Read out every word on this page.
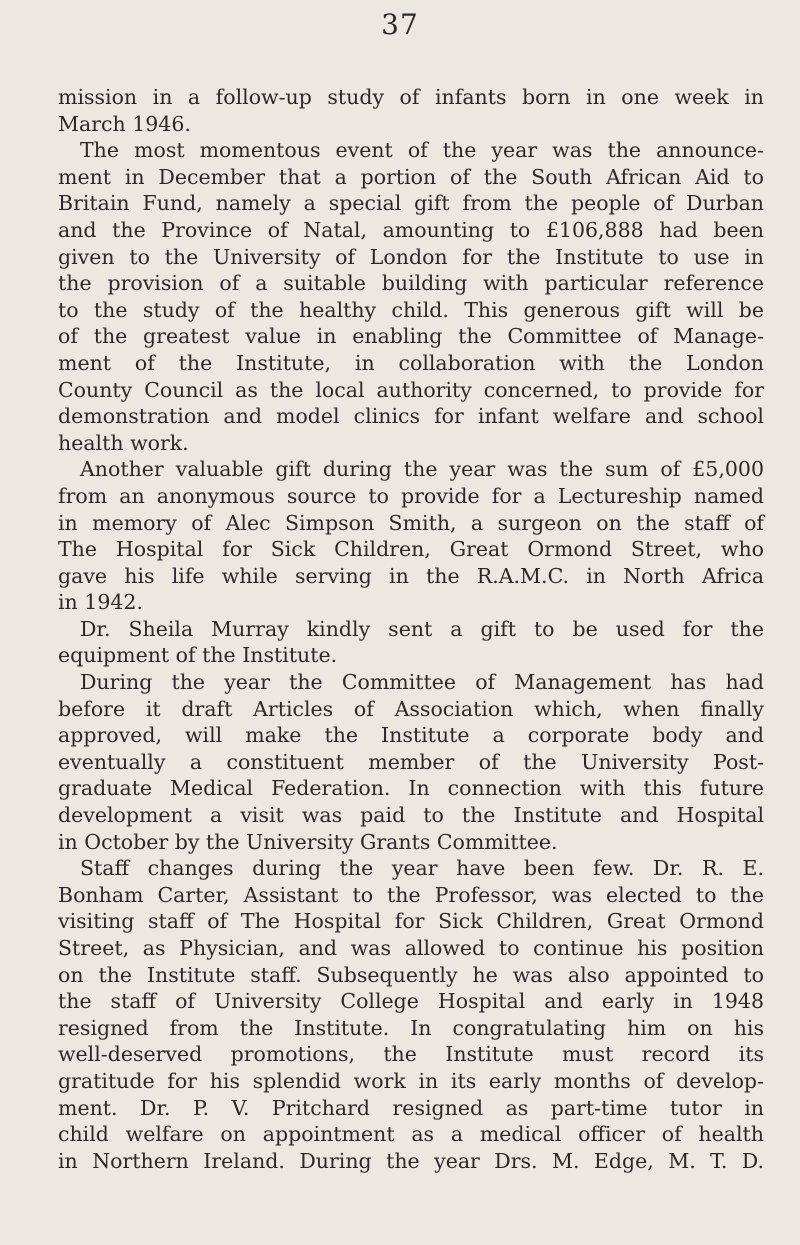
37
mission in a follow-up study of infants born in one week in
March 1946.
The most momentous event of the year was the announce-
ment in December that a portion of the South African Aid to
Britain Fund, namely a special gift from the people of Durban
and the Province of Natal, amounting to £106,888 had been
given to the University of London for the Institute to use in
the provision of a suitable building with particular reference
to the study of the healthy child. This generous gift will be
of the greatest value in enabling the Committee of Manage-
ment of the Institute, in collaboration with the London
County Council as the local authority concerned, to provide for
demonstration and model clinics for infant welfare and school
health work.
Another valuable gift during the year was the sum of £5,000
from an anonymous source to provide for a Lectureship named
in memory of Alec Simpson Smith, a surgeon on the staff of
The Hospital for Sick Children, Great Ormond Street, who
gave his life while serving in the R.A.M.C. in North Africa
in 1942.
Dr. Sheila Murray kindly sent a gift to be used for the
equipment of the Institute.
During the year the Committee of Management has had
before it draft Articles of Association which, when finally
approved, will make the Institute a corporate body and
eventually a constituent member of the University Post-
graduate Medical Federation. In connection with this future
development a visit was paid to the Institute and Hospital
in October by the University Grants Committee.
Staff changes during the year have been few. Dr. R. E.
Bonham Carter, Assistant to the Professor, was elected to the
visiting staff of The Hospital for Sick Children, Great Ormond
Street, as Physician, and was allowed to continue his position
on the Institute staff. Subsequently he was also appointed to
the staff of University College Hospital and early in 1948
resigned from the Institute. In congratulating him on his
well-deserved promotions, the Institute must record its
gratitude for his splendid work in its early months of develop-
ment. Dr. P. V. Pritchard resigned as part-time tutor in
child welfare on appointment as a medical officer of health
in Northern Ireland. During the year Drs. M. Edge, M. T. D.
